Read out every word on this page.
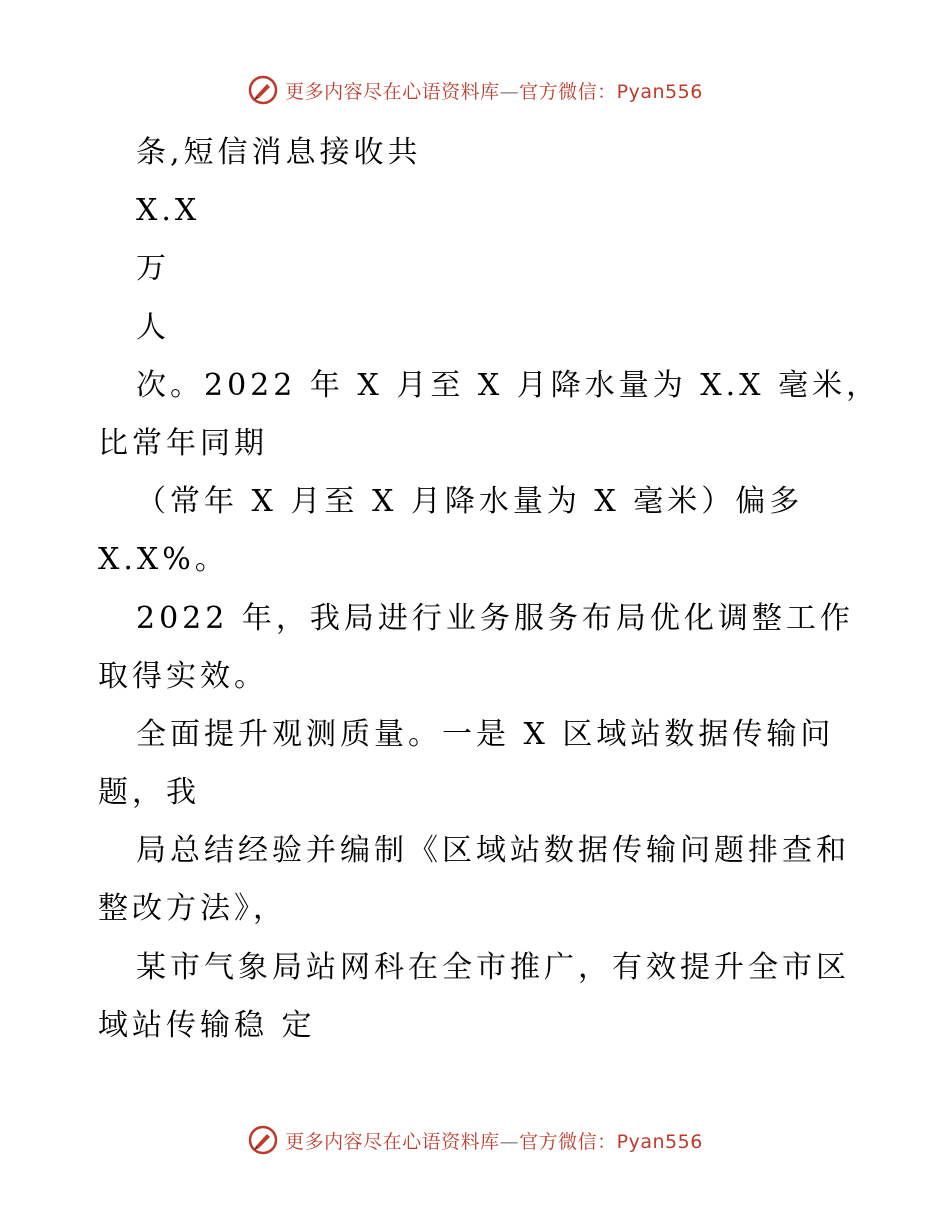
更多内容尽在心语资料库—官方微信：Pyan556
条,短信消息接收共
X.X
万
人
次。2022 年 X 月至 X 月降水量为 X.X 毫米，
比常年同期
（常年 X 月至 X 月降水量为 X 毫米）偏多
X.X%。
2022 年，我局进行业务服务布局优化调整工作
取得实效。
全面提升观测质量。一是 X 区域站数据传输问
题，我
局总结经验并编制《区域站数据传输问题排查和
整改方法》，
某市气象局站网科在全市推广，有效提升全市区
域站传输稳 定
更多内容尽在心语资料库—官方微信：Pyan556
